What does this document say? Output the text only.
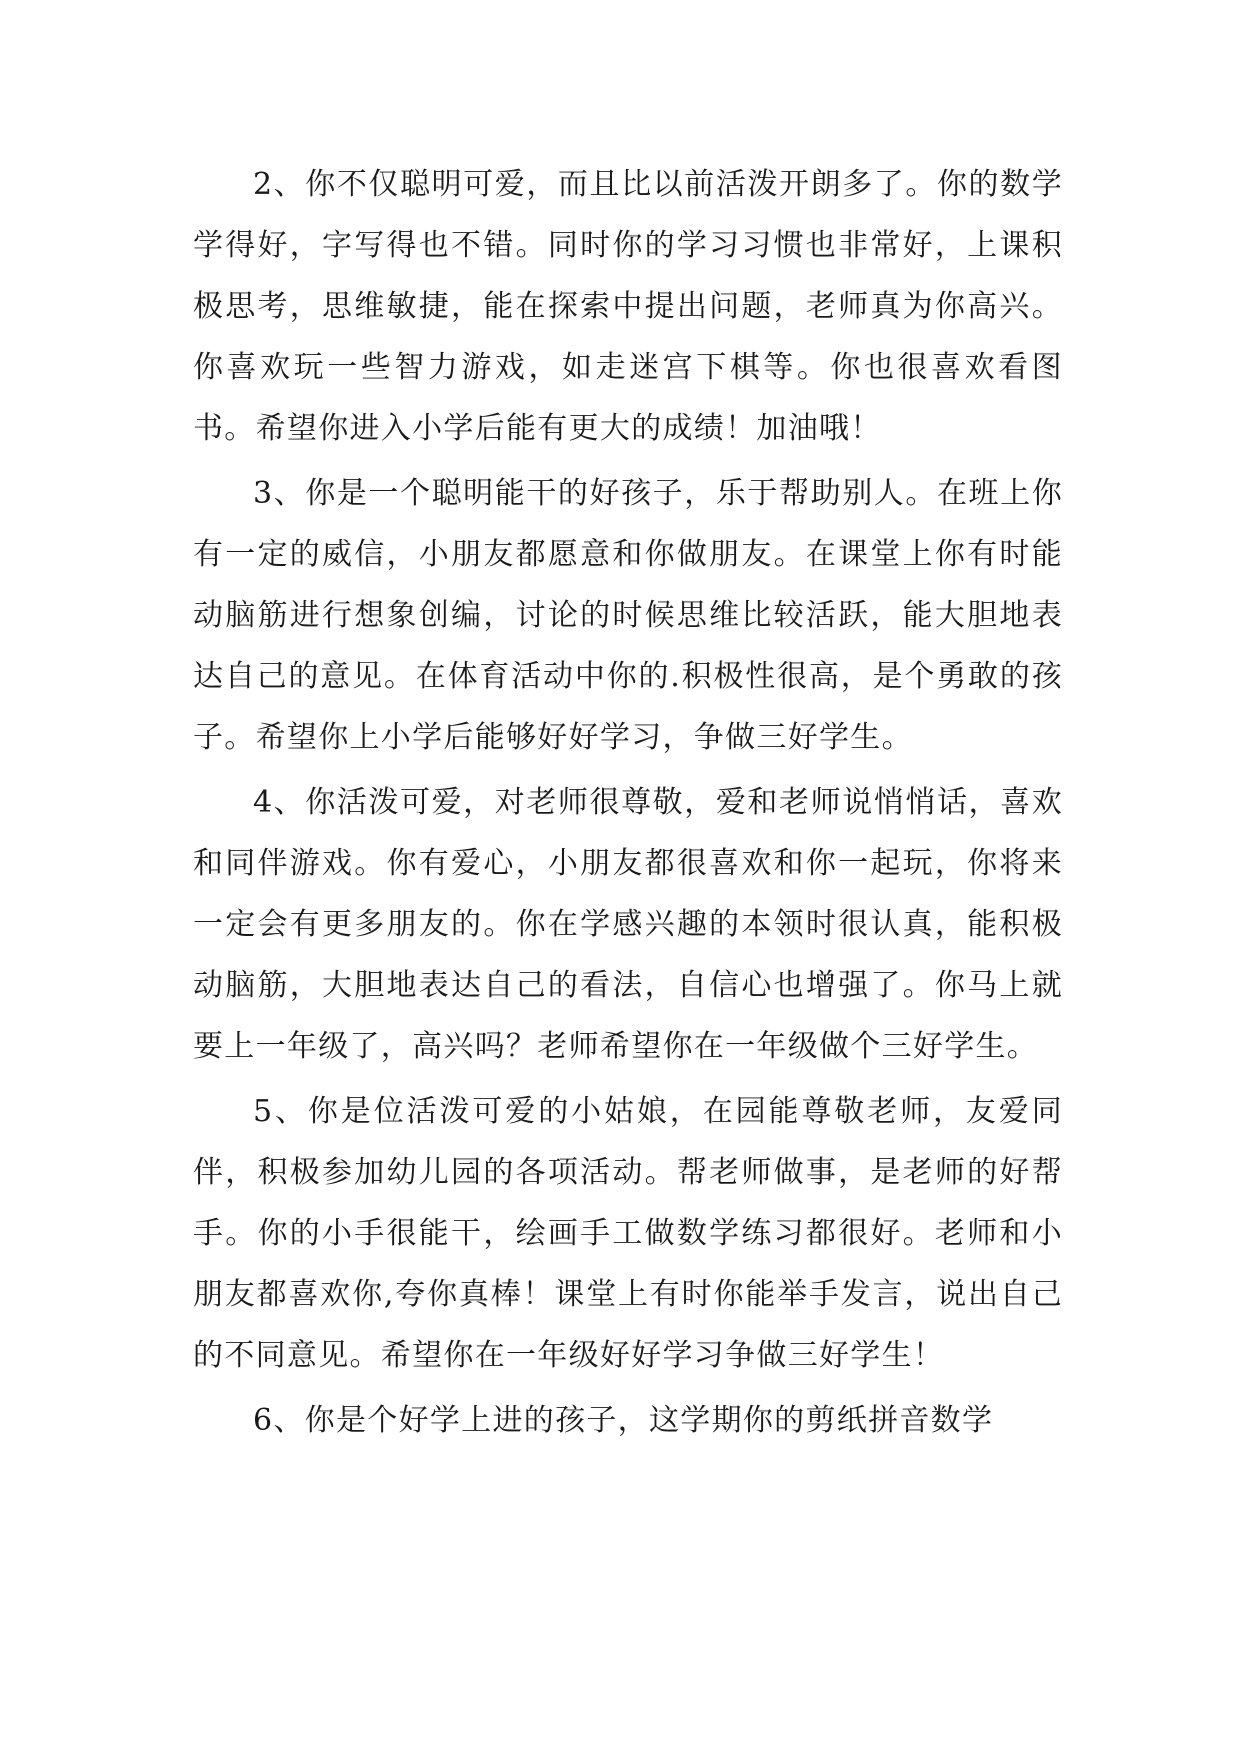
2、你不仅聪明可爱，而且比以前活泼开朗多了。你的数学学得好，字写得也不错。同时你的学习习惯也非常好，上课积极思考，思维敏捷，能在探索中提出问题，老师真为你高兴。你喜欢玩一些智力游戏，如走迷宫下棋等。你也很喜欢看图书。希望你进入小学后能有更大的成绩！加油哦！

3、你是一个聪明能干的好孩子，乐于帮助别人。在班上你有一定的威信，小朋友都愿意和你做朋友。在课堂上你有时能动脑筋进行想象创编，讨论的时候思维比较活跃，能大胆地表达自己的意见。在体育活动中你的.积极性很高，是个勇敢的孩子。希望你上小学后能够好好学习，争做三好学生。

4、你活泼可爱，对老师很尊敬，爱和老师说悄悄话，喜欢和同伴游戏。你有爱心，小朋友都很喜欢和你一起玩，你将来一定会有更多朋友的。你在学感兴趣的本领时很认真，能积极动脑筋，大胆地表达自己的看法，自信心也增强了。你马上就要上一年级了，高兴吗？老师希望你在一年级做个三好学生。

5、你是位活泼可爱的小姑娘，在园能尊敬老师，友爱同伴，积极参加幼儿园的各项活动。帮老师做事，是老师的好帮手。你的小手很能干，绘画手工做数学练习都很好。老师和小朋友都喜欢你,夸你真棒！课堂上有时你能举手发言，说出自己的不同意见。希望你在一年级好好学习争做三好学生！

6、你是个好学上进的孩子，这学期你的剪纸拼音数学
